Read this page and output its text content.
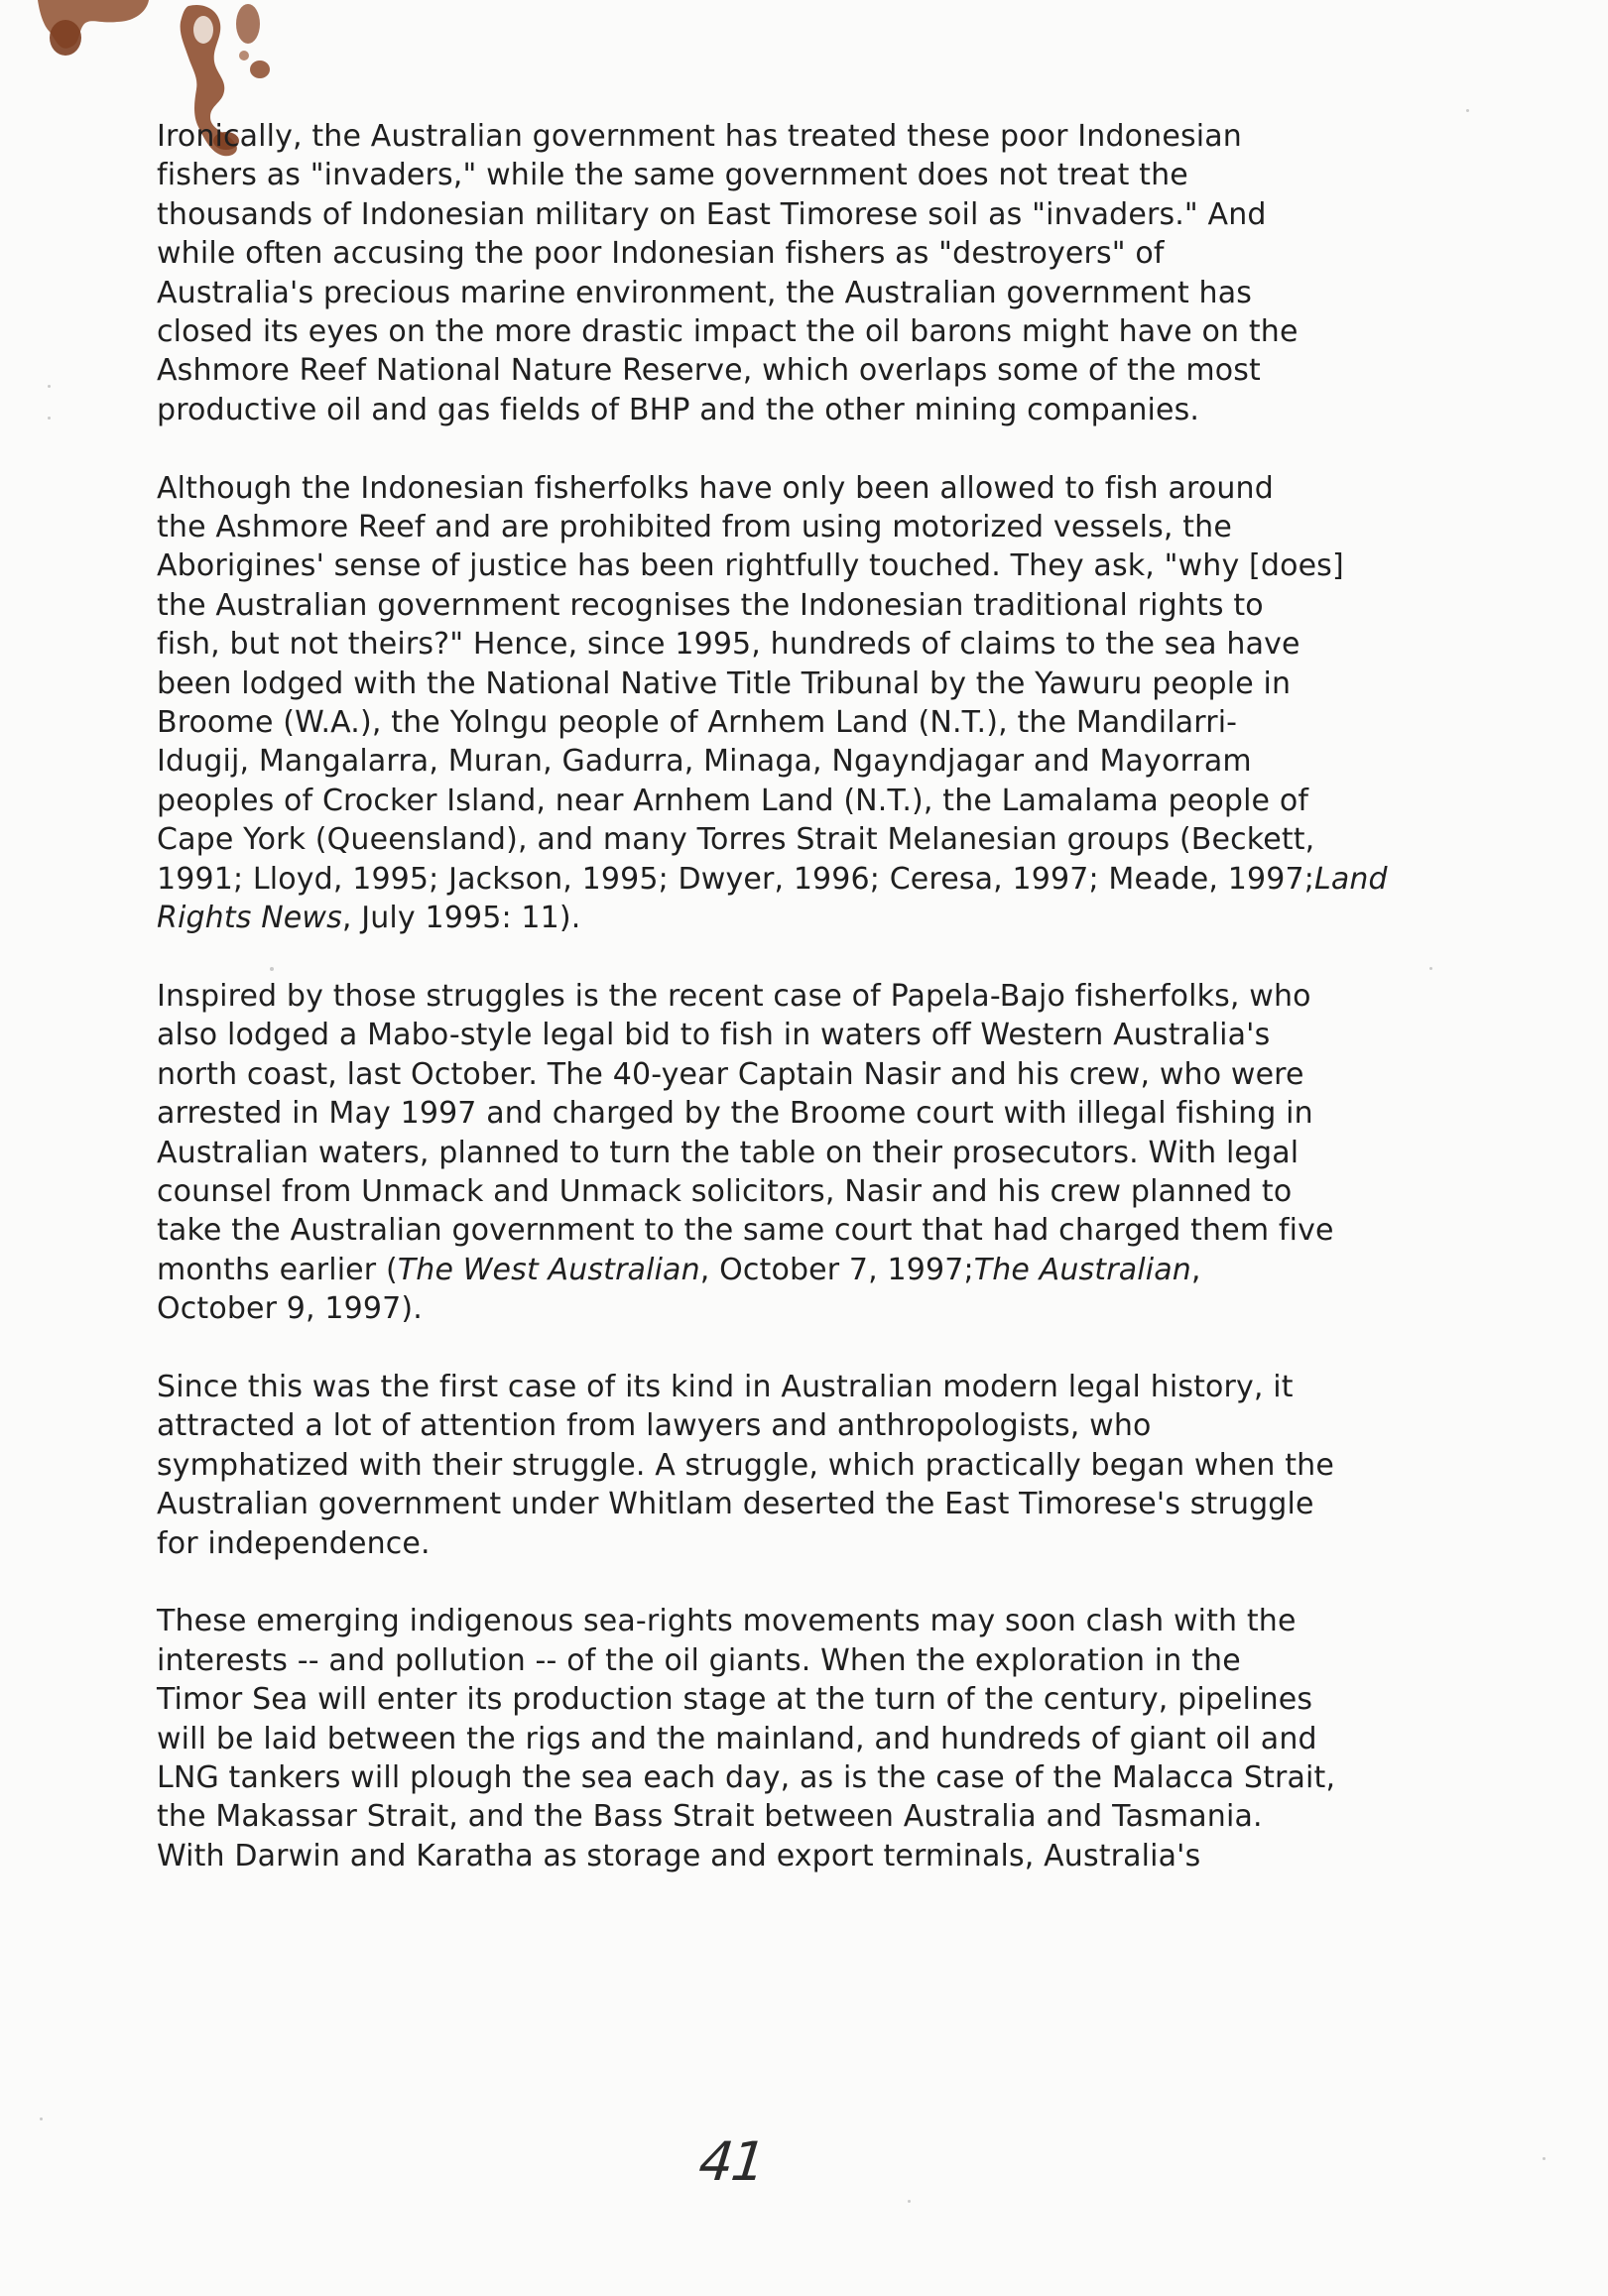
Ironically, the Australian government has treated these poor Indonesian
fishers as "invaders," while the same government does not treat the
thousands of Indonesian military on East Timorese soil as "invaders." And
while often accusing the poor Indonesian fishers as "destroyers" of
Australia's precious marine environment, the Australian government has
closed its eyes on the more drastic impact the oil barons might have on the
Ashmore Reef National Nature Reserve, which overlaps some of the most
productive oil and gas fields of BHP and the other mining companies.

Although the Indonesian fisherfolks have only been allowed to fish around
the Ashmore Reef and are prohibited from using motorized vessels, the
Aborigines' sense of justice has been rightfully touched. They ask, "why [does]
the Australian government recognises the Indonesian traditional rights to
fish, but not theirs?" Hence, since 1995, hundreds of claims to the sea have
been lodged with the National Native Title Tribunal by the Yawuru people in
Broome (W.A.), the Yolngu people of Arnhem Land (N.T.), the Mandilarri-
Idugij, Mangalarra, Muran, Gadurra, Minaga, Ngayndjagar and Mayorram
peoples of Crocker Island, near Arnhem Land (N.T.), the Lamalama people of
Cape York (Queensland), and many Torres Strait Melanesian groups (Beckett,
1991; Lloyd, 1995; Jackson, 1995; Dwyer, 1996; Ceresa, 1997; Meade, 1997;Land
Rights News, July 1995: 11).

Inspired by those struggles is the recent case of Papela-Bajo fisherfolks, who
also lodged a Mabo-style legal bid to fish in waters off Western Australia's
north coast, last October. The 40-year Captain Nasir and his crew, who were
arrested in May 1997 and charged by the Broome court with illegal fishing in
Australian waters, planned to turn the table on their prosecutors. With legal
counsel from Unmack and Unmack solicitors, Nasir and his crew planned to
take the Australian government to the same court that had charged them five
months earlier (The West Australian, October 7, 1997;The Australian,
October 9, 1997).

Since this was the first case of its kind in Australian modern legal history, it
attracted a lot of attention from lawyers and anthropologists, who
symphatized with their struggle. A struggle, which practically began when the
Australian government under Whitlam deserted the East Timorese's struggle
for independence.

These emerging indigenous sea-rights movements may soon clash with the
interests -- and pollution -- of the oil giants. When the exploration in the
Timor Sea will enter its production stage at the turn of the century, pipelines
will be laid between the rigs and the mainland, and hundreds of giant oil and
LNG tankers will plough the sea each day, as is the case of the Malacca Strait,
the Makassar Strait, and the Bass Strait between Australia and Tasmania.
With Darwin and Karatha as storage and export terminals, Australia's

41
